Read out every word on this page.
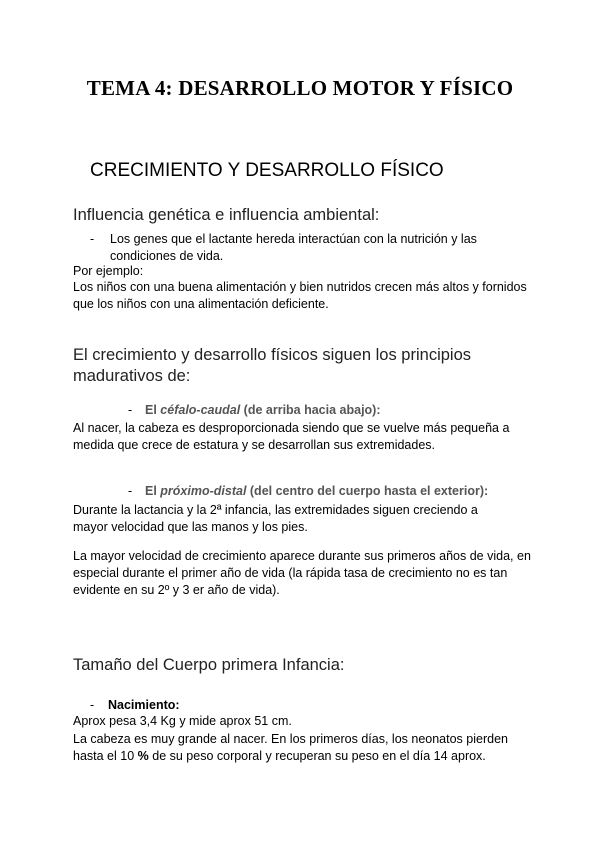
TEMA 4: DESARROLLO MOTOR Y FÍSICO
CRECIMIENTO Y DESARROLLO FÍSICO
Influencia genética e influencia ambiental:
-	Los genes que el lactante hereda interactúan con la nutrición y las condiciones de vida.
Por ejemplo:
Los niños con una buena alimentación y bien nutridos crecen más altos y fornidos que los niños con una alimentación deficiente.
El crecimiento y desarrollo físicos siguen los principios
madurativos de:
-	El céfalo-caudal (de arriba hacia abajo):
Al nacer, la cabeza es desproporcionada siendo que se vuelve más pequeña a medida que crece de estatura y se desarrollan sus extremidades.
-	El próximo-distal (del centro del cuerpo hasta el exterior):
Durante la lactancia y la 2ª infancia, las extremidades siguen creciendo a mayor velocidad que las manos y los pies.
La mayor velocidad de crecimiento aparece durante sus primeros años de vida, en especial durante el primer año de vida (la rápida tasa de crecimiento no es tan evidente en su 2º y 3 er año de vida).
Tamaño del Cuerpo primera Infancia:
-	Nacimiento:
Aprox pesa 3,4 Kg y mide aprox 51 cm.
La cabeza es muy grande al nacer. En los primeros días, los neonatos pierden hasta el 10 % de su peso corporal y recuperan su peso en el día 14 aprox.
